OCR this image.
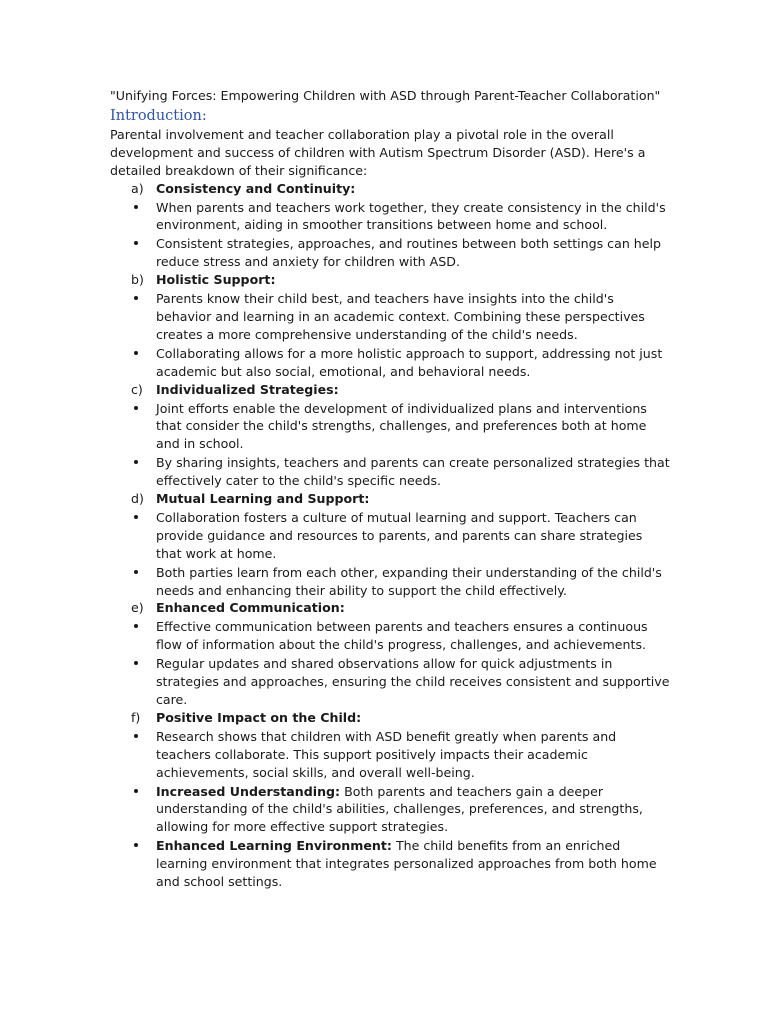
"Unifying Forces: Empowering Children with ASD through Parent-Teacher Collaboration"
Introduction:
Parental involvement and teacher collaboration play a pivotal role in the overall development and success of children with Autism Spectrum Disorder (ASD). Here's a detailed breakdown of their significance:
a) Consistency and Continuity:
When parents and teachers work together, they create consistency in the child's environment, aiding in smoother transitions between home and school.
Consistent strategies, approaches, and routines between both settings can help reduce stress and anxiety for children with ASD.
b) Holistic Support:
Parents know their child best, and teachers have insights into the child's behavior and learning in an academic context. Combining these perspectives creates a more comprehensive understanding of the child's needs.
Collaborating allows for a more holistic approach to support, addressing not just academic but also social, emotional, and behavioral needs.
c)	Individualized Strategies:
Joint efforts enable the development of individualized plans and interventions that consider the child's strengths, challenges, and preferences both at home and in school.
By sharing insights, teachers and parents can create personalized strategies that effectively cater to the child's specific needs.
d) Mutual Learning and Support:
Collaboration fosters a culture of mutual learning and support. Teachers can provide guidance and resources to parents, and parents can share strategies that work at home.
Both parties learn from each other, expanding their understanding of the child's needs and enhancing their ability to support the child effectively.
e) Enhanced Communication:
Effective communication between parents and teachers ensures a continuous flow of information about the child's progress, challenges, and achievements.
Regular updates and shared observations allow for quick adjustments in strategies and approaches, ensuring the child receives consistent and supportive care.
f)	Positive Impact on the Child:
Research shows that children with ASD benefit greatly when parents and teachers collaborate. This support positively impacts their academic achievements, social skills, and overall well-being.
Increased Understanding: Both parents and teachers gain a deeper understanding of the child's abilities, challenges, preferences, and strengths, allowing for more effective support strategies.
Enhanced Learning Environment: The child benefits from an enriched learning environment that integrates personalized approaches from both home and school settings.
